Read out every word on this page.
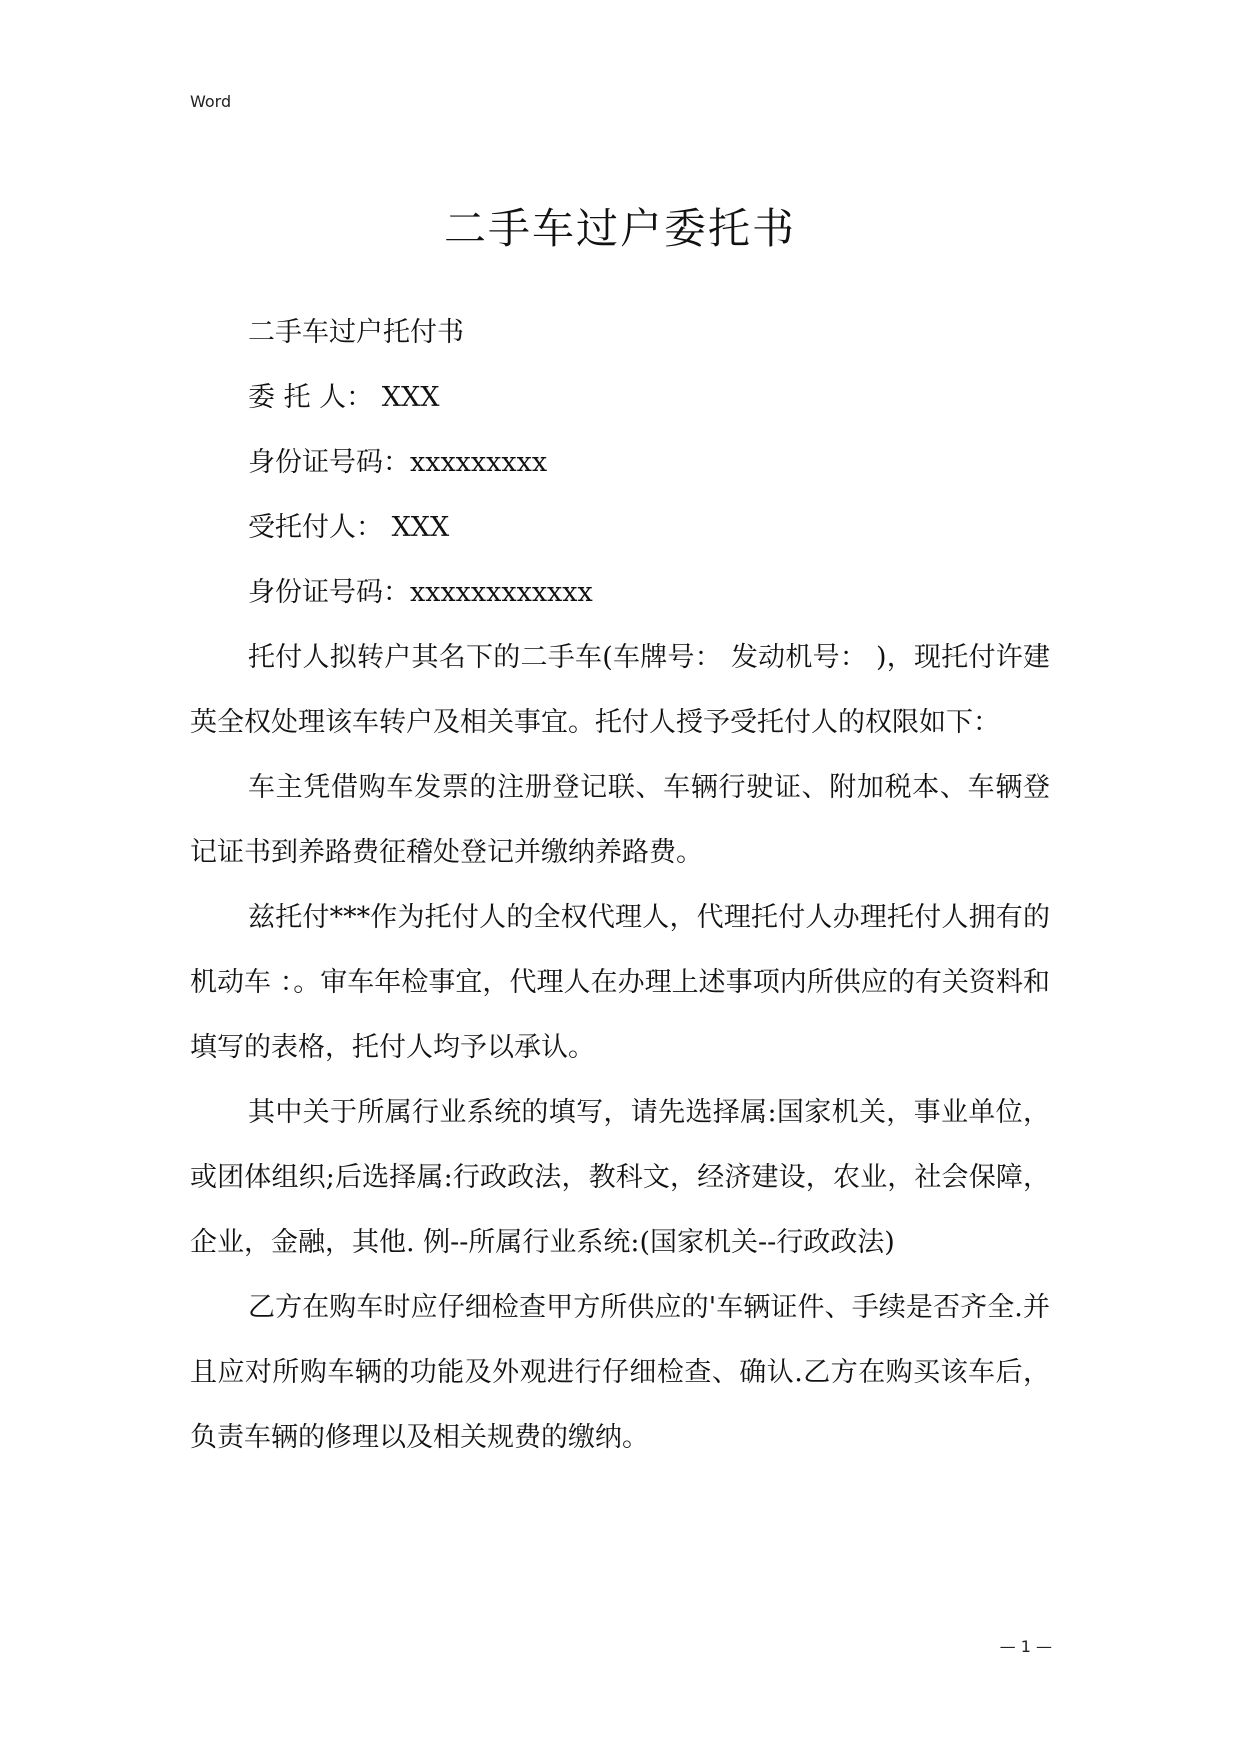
Word
二手车过户委托书

二手车过户托付书

委 托 人： XXX

身份证号码：xxxxxxxxx

受托付人： XXX

身份证号码：xxxxxxxxxxxx

托付人拟转户其名下的二手车(车牌号： 发动机号： )，现托付许建英全权处理该车转户及相关事宜。托付人授予受托付人的权限如下：

车主凭借购车发票的注册登记联、车辆行驶证、附加税本、车辆登记证书到养路费征稽处登记并缴纳养路费。

兹托付***作为托付人的全权代理人，代理托付人办理托付人拥有的机动车 ：。审车年检事宜，代理人在办理上述事项内所供应的有关资料和填写的表格，托付人均予以承认。

其中关于所属行业系统的填写，请先选择属:国家机关，事业单位，或团体组织;后选择属:行政政法，教科文，经济建设，农业，社会保障，企业，金融，其他. 例--所属行业系统:(国家机关--行政政法)

乙方在购车时应仔细检查甲方所供应的'车辆证件、手续是否齐全.并且应对所购车辆的功能及外观进行仔细检查、确认.乙方在购买该车后，负责车辆的修理以及相关规费的缴纳。

— 1 —
